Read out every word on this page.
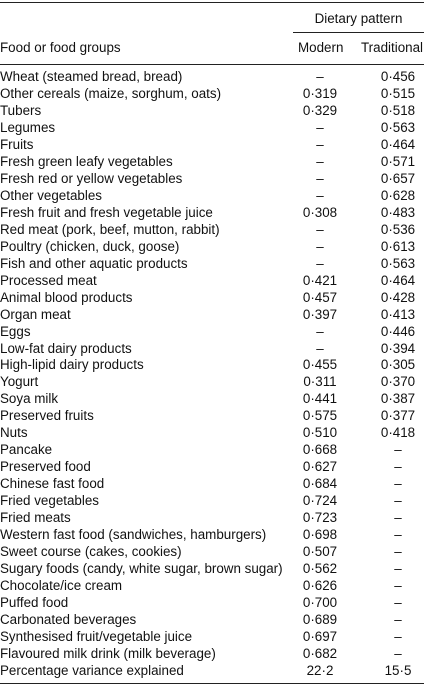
Dietary pattern
Food or food groups	Modern Traditional
Wheat (steamed bread, bread)	–	0·456
Other cereals (maize, sorghum, oats)	0·319	0·515
Tubers	0·329	0·518
Legumes	–	0·563
Fruits	–	0·464
Fresh green leafy vegetables	–	0·571
Fresh red or yellow vegetables	–	0·657
Other vegetables	–	0·628
Fresh fruit and fresh vegetable juice	0·308	0·483
Red meat (pork, beef, mutton, rabbit)	–	0·536
Poultry (chicken, duck, goose)	–	0·613
Fish and other aquatic products	–	0·563
Processed meat	0·421	0·464
Animal blood products	0·457	0·428
Organ meat	0·397	0·413
Eggs	–	0·446
Low-fat dairy products	–	0·394
High-lipid dairy products	0·455	0·305
Yogurt	0·311	0·370
Soya milk	0·441	0·387
Preserved fruits	0·575	0·377
Nuts	0·510	0·418
Pancake	0·668	–
Preserved food	0·627	–
Chinese fast food	0·684	–
Fried vegetables	0·724	–
Fried meats	0·723	–
Western fast food (sandwiches, hamburgers)	0·698	–
Sweet course (cakes, cookies)	0·507	–
Sugary foods (candy, white sugar, brown sugar) 0·562	–
Chocolate/ice cream	0·626	–
Puffed food	0·700	–
Carbonated beverages	0·689	–
Synthesised fruit/vegetable juice	0·697	–
Flavoured milk drink (milk beverage)	0·682	–
Percentage variance explained	22·2	15·5
